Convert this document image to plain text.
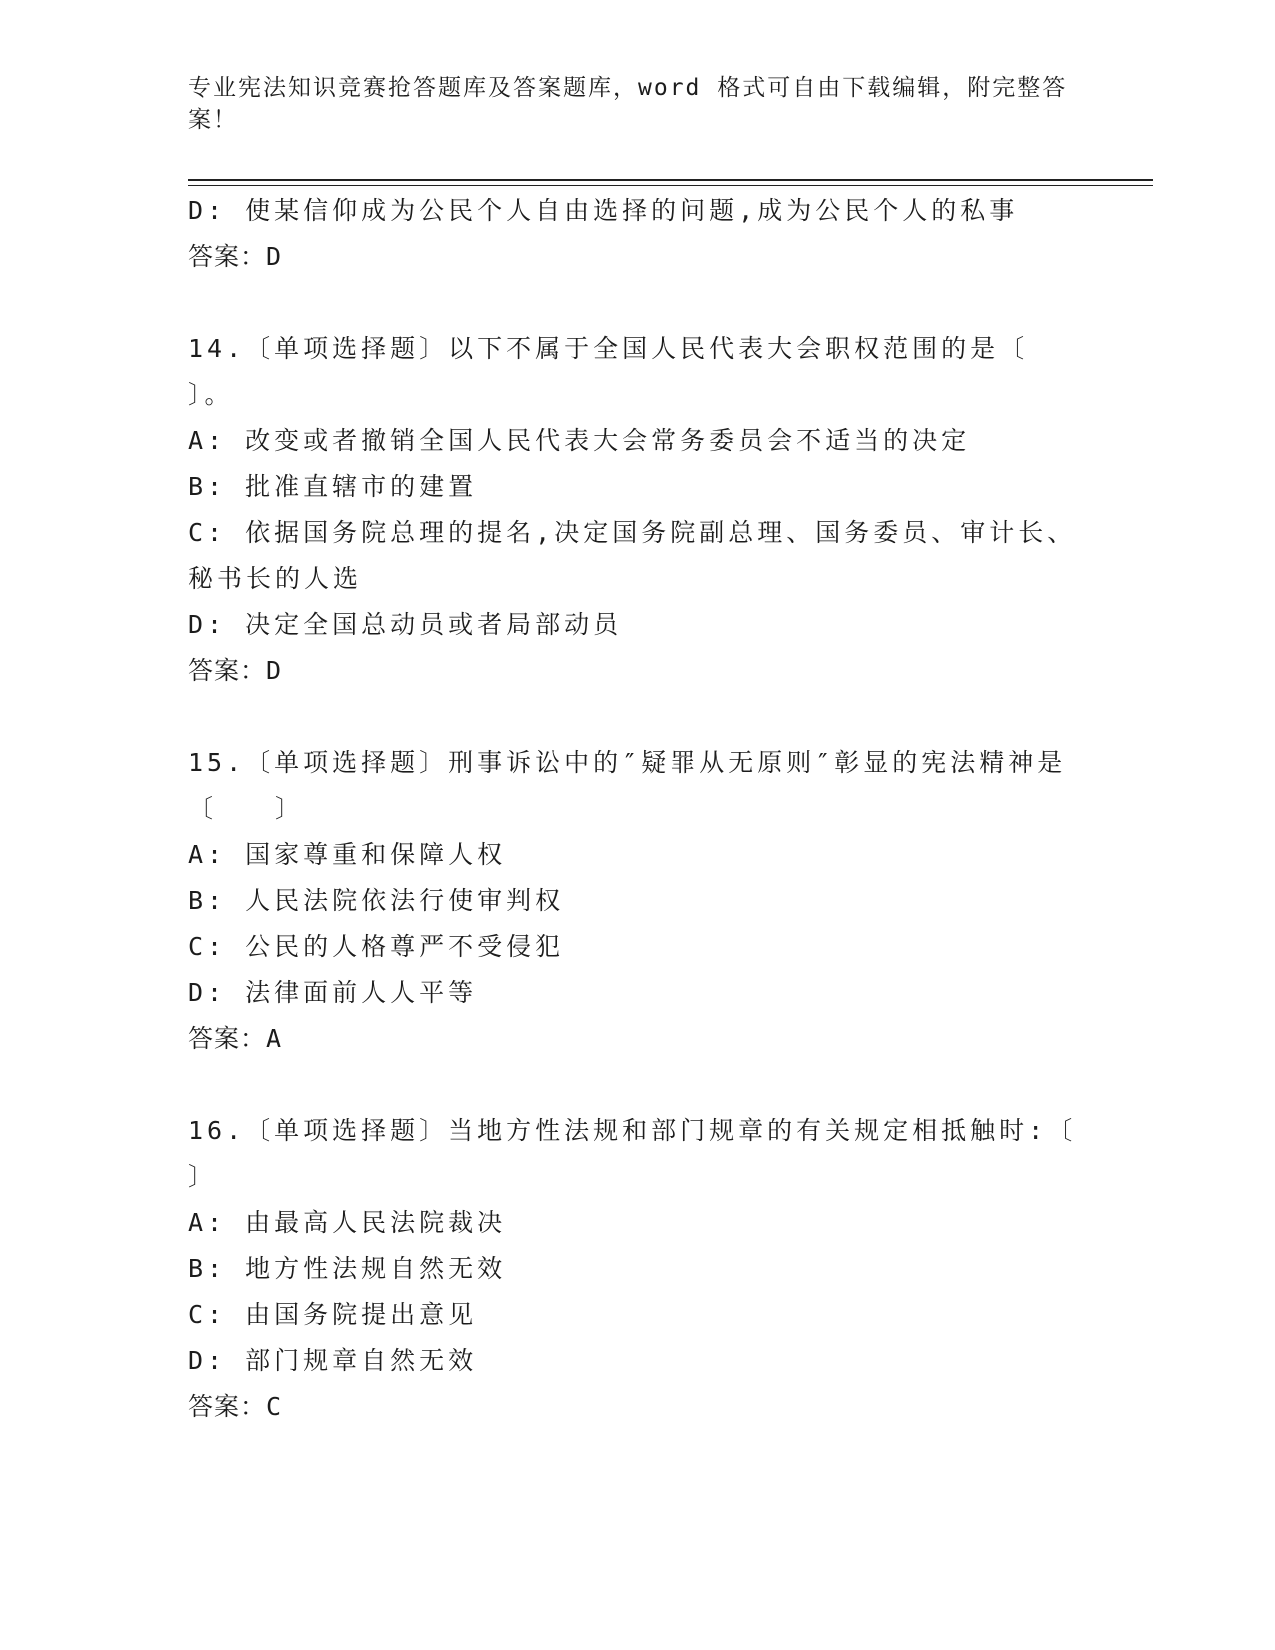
专业宪法知识竞赛抢答题库及答案题库，word 格式可自由下载编辑，附完整答案！
D: 使某信仰成为公民个人自由选择的问题,成为公民个人的私事
答案：D
14.〔单项选择题〕以下不属于全国人民代表大会职权范围的是〔
〕。
A: 改变或者撤销全国人民代表大会常务委员会不适当的决定
B: 批准直辖市的建置
C: 依据国务院总理的提名,决定国务院副总理、国务委员、审计长、
秘书长的人选
D: 决定全国总动员或者局部动员
答案：D
15.〔单项选择题〕刑事诉讼中的″疑罪从无原则″彰显的宪法精神是
〔　　〕
A: 国家尊重和保障人权
B: 人民法院依法行使审判权
C: 公民的人格尊严不受侵犯
D: 法律面前人人平等
答案：A
16.〔单项选择题〕当地方性法规和部门规章的有关规定相抵触时:〔
〕
A: 由最高人民法院裁决
B: 地方性法规自然无效
C: 由国务院提出意见
D: 部门规章自然无效
答案：C
